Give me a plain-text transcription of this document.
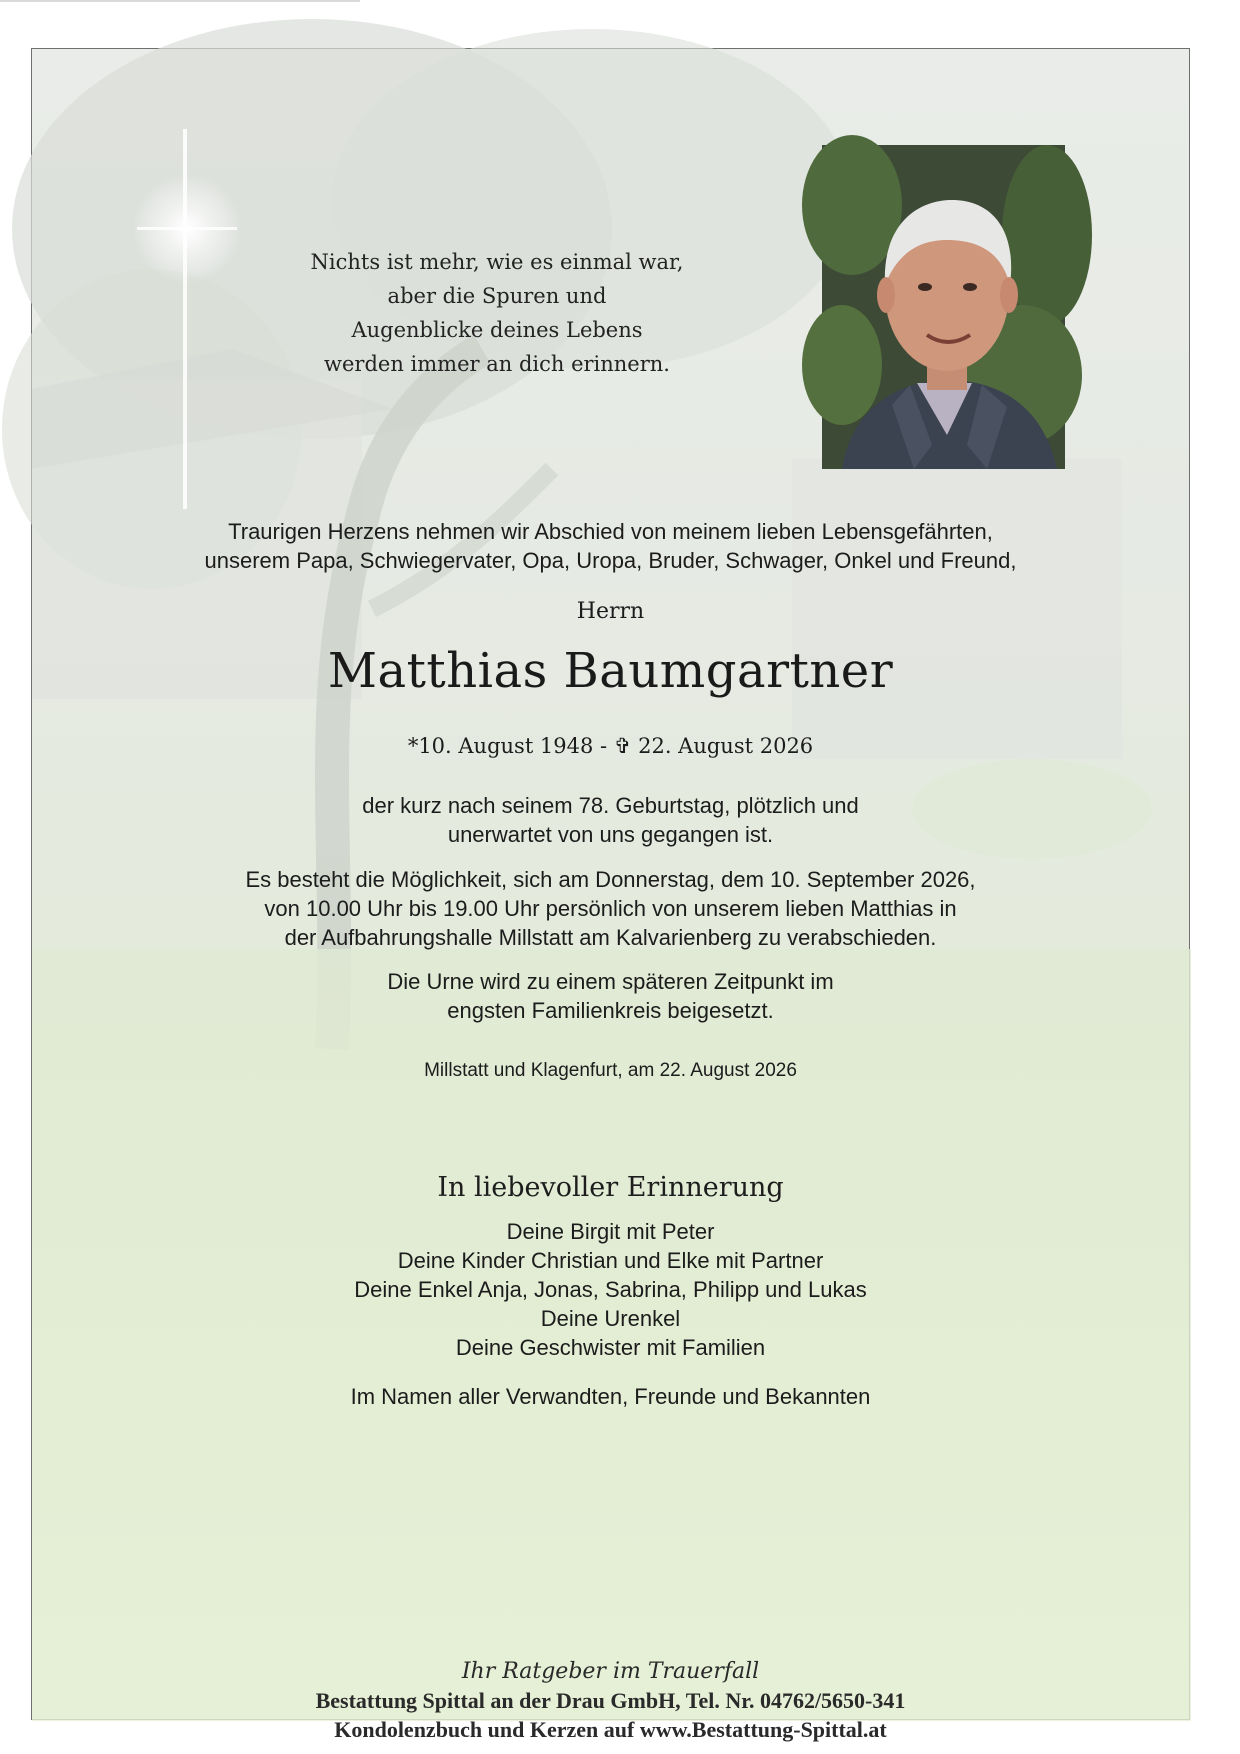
Nichts ist mehr, wie es einmal war,
aber die Spuren und
Augenblicke deines Lebens
werden immer an dich erinnern.
Traurigen Herzens nehmen wir Abschied von meinem lieben Lebensgefährten,
unserem Papa, Schwiegervater, Opa, Uropa, Bruder, Schwager, Onkel und Freund,

Herrn

Matthias Baumgartner

*10. August 1948 - ✞ 22. August 2026

der kurz nach seinem 78. Geburtstag, plötzlich und
unerwartet von uns gegangen ist.
Es besteht die Möglichkeit, sich am Donnerstag, dem 10. September 2026,
von 10.00 Uhr bis 19.00 Uhr persönlich von unserem lieben Matthias in
der Aufbahrungshalle Millstatt am Kalvarienberg zu verabschieden.
Die Urne wird zu einem späteren Zeitpunkt im
engsten Familienkreis beigesetzt.

Millstatt und Klagenfurt, am 22. August 2026

In liebevoller Erinnerung

Deine Birgit mit Peter
Deine Kinder Christian und Elke mit Partner
Deine Enkel Anja, Jonas, Sabrina, Philipp und Lukas
Deine Urenkel
Deine Geschwister mit Familien

Im Namen aller Verwandten, Freunde und Bekannten

Ihr Ratgeber im Trauerfall
Bestattung Spittal an der Drau GmbH, Tel. Nr. 04762/5650-341
Kondolenzbuch und Kerzen auf www.Bestattung-Spittal.at
